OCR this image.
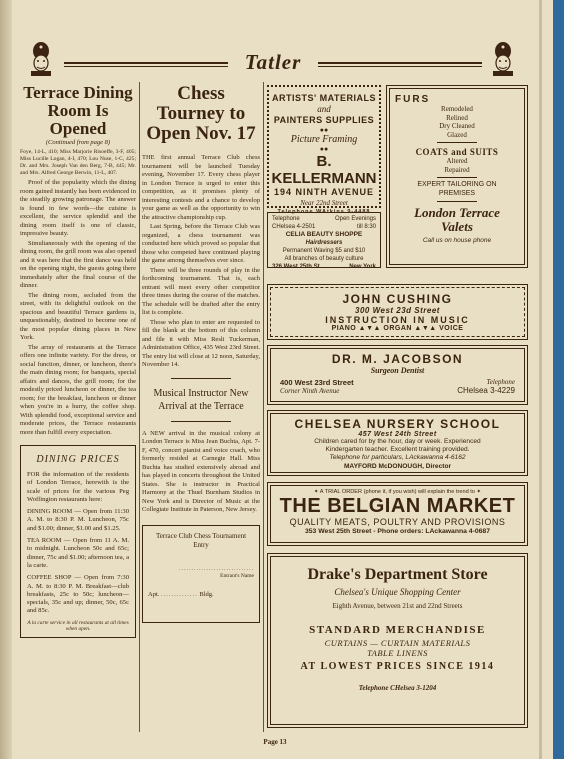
Tatler
Terrace Dining Room Is Opened
(Continued from page 8)
Foye, 14-L, 410; Miss Marjorie Risoeffe, 3-F, 405; Miss Lucille Logan, 4-I, 470; Lou Nuse, 1-C, 425; Dr. and Mrs. Joseph Van den Berg, 7-B, 445; Mr. and Mrs. Alfred George Berwin, 11-L, 407.

Proof of the popularity which the dining room gained instantly has been evidenced in the steadily growing patronage. The answer is found in few words—the cuisine is excellent, the service splendid and the dining room itself is one of classic, impressive beauty.

Simultaneously with the opening of the dining room, the grill room was also opened and it was here that the first dance was held on the opening night, the guests going there immediately after the final course of the dinner.

The dining room, secluded from the street, with its delightful outlook on the spacious and beautiful Terrace gardens is, unquestionably, destined to become one of the most popular dining places in New York.

The array of restaurants at the Terrace offers one infinite variety. For the dress, or social function, dinner, or luncheon, there's the main dining room; for banquets, special affairs and dances, the grill room; for the modestly priced luncheon or dinner, the tea room; for the breakfast, luncheon or dinner when you're in a hurry, the coffee shop. With splendid food, exceptional service and moderate prices, the Terrace restaurants more than fulfill every expectation.

DINING PRICES
FOR the information of the residents of London Terrace, herewith is the scale of prices for the various Peg Woffington restaurants here:
DINING ROOM — Open from 11:30 A. M. to 8:30 P. M. Luncheon, 75c and $1.00; dinner, $1.00 and $1.25.
TEA ROOM — Open from 11 A. M. to midnight. Luncheon 50c and 65c; dinner, 75c and $1.00; afternoon tea, a la carte.
COFFEE SHOP — Open from 7:30 A. M. to 8:30 P. M. Breakfast—club breakfasts, 25c to 50c; luncheon—specials, 35c and up; dinner, 50c, 65c and 85c.
A la carte service in all restaurants at all times when open.
Chess Tourney to Open Nov. 17

THE first annual Terrace Club chess tournament will be launched Tuesday evening, November 17. Every chess player in London Terrace is urged to enter this competition, as it promises plenty of interesting contests and a chance to develop your game as well as the opportunity to win the attractive championship cup.

Last Spring, before the Terrace Club was organized, a chess tournament was conducted here which proved so popular that those who competed have continued playing the game among themselves ever since.

There will be three rounds of play in the forthcoming tournament. That is, each entrant will meet every other competitor three times during the course of the matches. The schedule will be drafted after the entry list is complete.

Those who plan to enter are requested to fill the blank at the bottom of this column and file it with Miss Resli Tuckerman, Administration Office, 435 West 23rd Street. The entry list will close at 12 noon, Saturday, November 14.

Musical Instructor New Arrival at the Terrace

A NEW arrival in the musical colony at London Terrace is Miss Jean Buchta, Apt. 7-F, 470, concert pianist and voice coach, who formerly resided at Carnegie Hall. Miss Buchta has studied extensively abroad and has played in concerts throughout the United States. She is instructor in Practical Harmony at the Thuel Burnham Studios in New York and is Director of Music at the Collegiate Institute in Paterson, New Jersey.

Terrace Club Chess Tournament Entry
..............................
Entrant's Name
Apt. .............. Bldg.
ARTISTS' MATERIALS
and
PAINTERS SUPPLIES
●●
Picture Framing
●●
B. KELLERMANN
194 NINTH AVENUE
Near 22nd Street
Telephone WAtkins 9-4488
Telephone
CHelsea 4-2501
Open Evenings
till 8:30
CELIA BEAUTY SHOPPE
Hairdressers
Permanent Waving $5 and $10
All branches of beauty culture
326 West 25th St.	New York
FURS
Remodeled
Relined
Dry Cleaned
Glazed
COATS and SUITS
Altered
Repaired
EXPERT TAILORING ON PREMISES
London Terrace
Valets
Call us on house phone
JOHN CUSHING
300 West 23d Street
INSTRUCTION IN MUSIC
PIANO ▲▼▲ ORGAN ▲▼▲ VOICE
DR. M. JACOBSON
Surgeon Dentist
400 West 23rd Street
Corner Ninth Avenue
Telephone
CHelsea 3-4229
CHELSEA NURSERY SCHOOL
457 West 24th Street
Children cared for by the hour, day or week. Experienced
Kindergarten teacher. Excellent training provided.
Telephone for particulars, LAckawanna 4-6162
MAYFORD McDONOUGH, Director
✦ A TRIAL ORDER (phone it, if you wish) will explain the trend to ✦
THE BELGIAN MARKET
QUALITY MEATS, POULTRY AND PROVISIONS
353 West 25th Street - Phone orders: LAckawanna 4-0687
Drake's Department Store
Chelsea's Unique Shopping Center
Eighth Avenue, between 21st and 22nd Streets
STANDARD MERCHANDISE
CURTAINS — CURTAIN MATERIALS
TABLE LINENS
AT LOWEST PRICES SINCE 1914
Telephone CHelsea 3-1204
Page 13
